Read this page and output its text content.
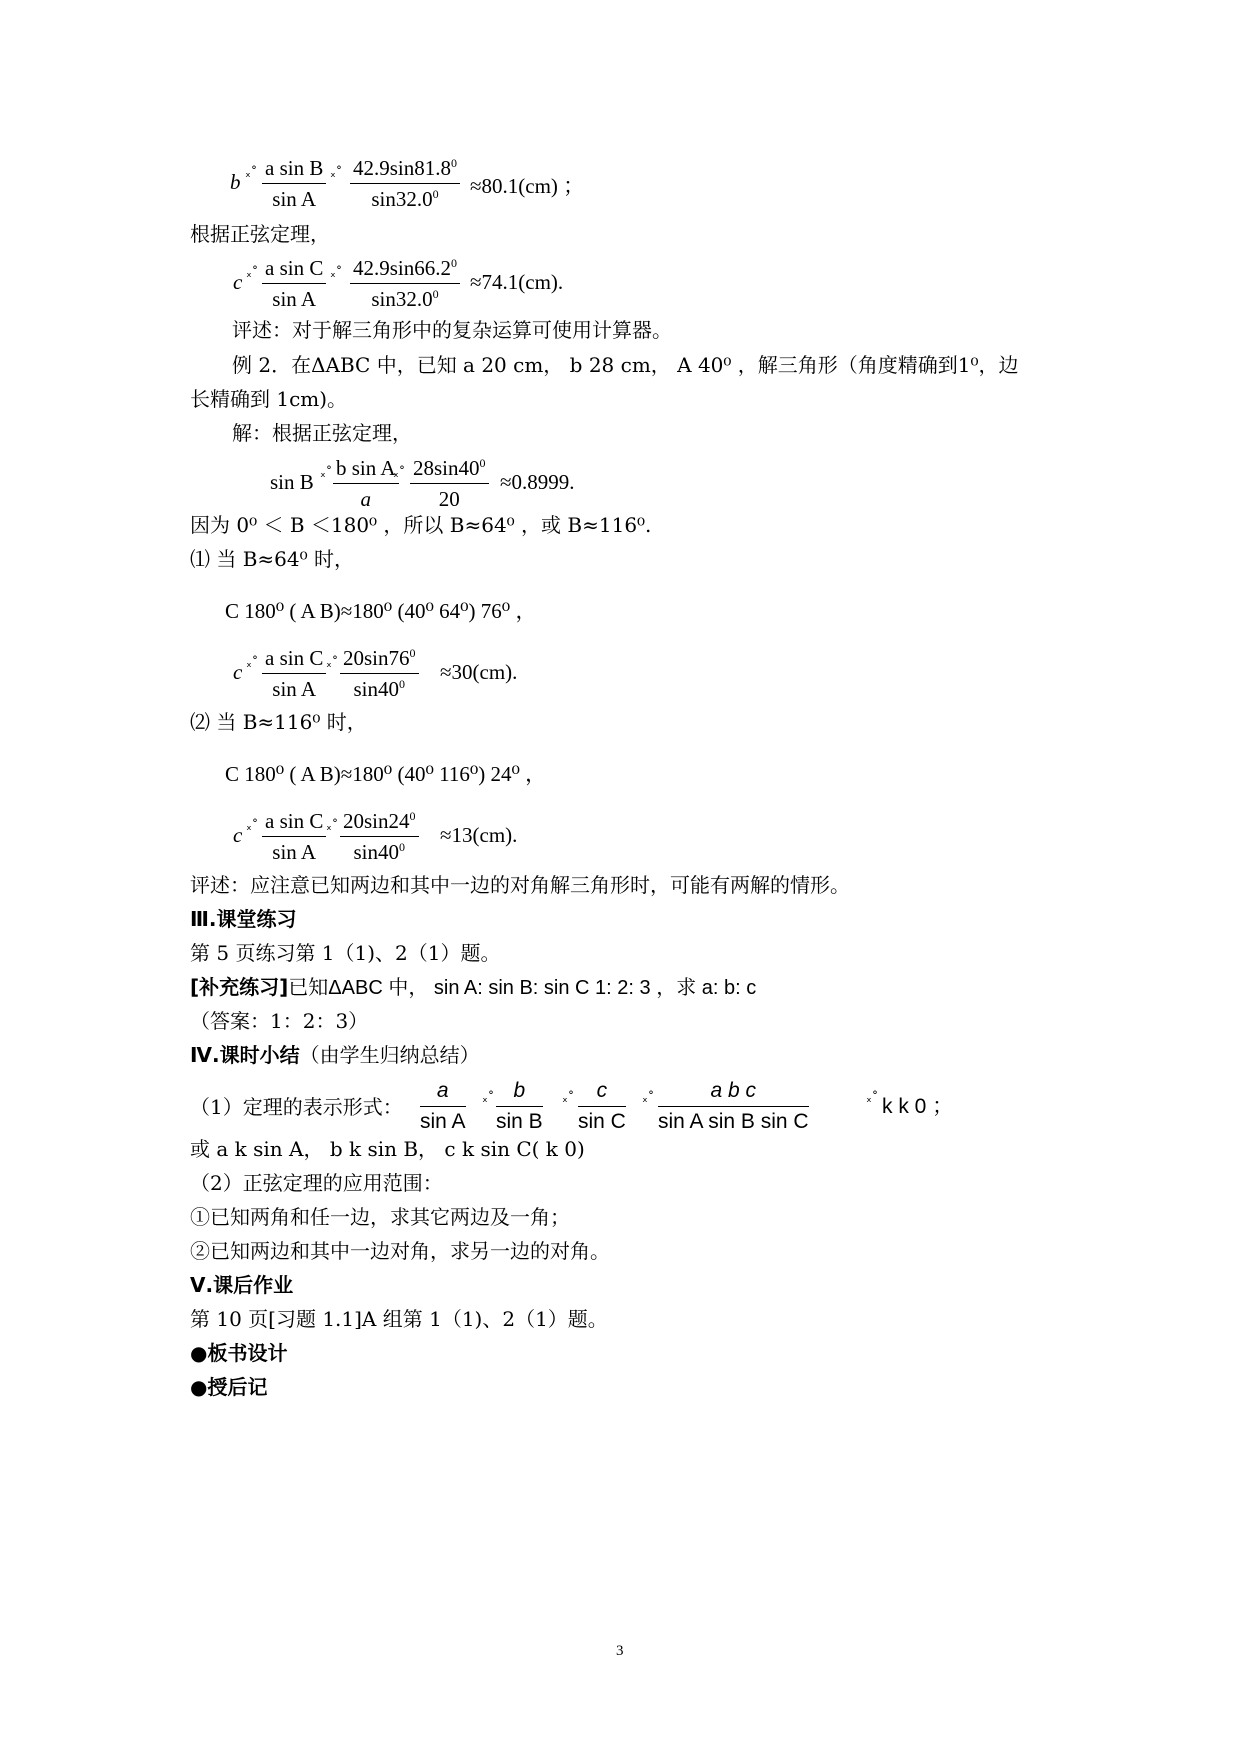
b ₓ˚ $\frac{\text{a sin B}}{\text{sin A}}$ ₓ˚ $\frac{42.9\sin 81.8^0}{\sin 32.0^0} \approx 80.1(cm)$ ；
根据正弦定理，
c ₓ˚ $\frac{\text{a sin C}}{\text{sin A}}$ ₓ˚ $\frac{42.9\sin 66.2^0}{\sin 32.0^0} \approx 74.1(cm)$.
评述：对于解三角形中的复杂运算可使用计算器。
例 2．在ΔABC 中，已知 a 20 cm， b 28 cm， A 40⁰ ，解三角形（角度精确到1⁰，边
长精确到 1cm)。
解：根据正弦定理，
sin B ₓ˚ $\frac{\text{b sin A}}{a}$
ₓ˚ $\frac{28\sin 40^0}{20} \approx 0.8999$.
因为 0⁰ ＜ B ＜180⁰ ，所以 B≈64⁰ ，或 B≈116⁰.
⑴ 当 B≈64⁰ 时，
C 180⁰ ( A B)≈180⁰ (40⁰ 64⁰) 76⁰ ，
c ₓ˚ $\frac{\text{a sin C}}{\text{sin A}}$ ₓ˚ $\frac{20\sin 76^0}{\sin 40^0} \approx 30(cm)$.
⑵ 当 B≈116⁰ 时，
C 180⁰ ( A B)≈180⁰ (40⁰ 116⁰) 24⁰ ，
c ₓ˚ $\frac{\text{a sin C}}{\text{sin A}}$ ₓ˚ $\frac{20\sin 24^0}{\sin 40^0} \approx 13(cm)$.
评述：应注意已知两边和其中一边的对角解三角形时，可能有两解的情形。
Ⅲ.课堂练习
第 5 页练习第 1（1)、2（1）题。
[补充练习]已知ΔABC 中， sin A: sin B: sin C 1: 2: 3 ，求 a: b: c
（答案：1：2：3）
Ⅳ.课时小结（由学生归纳总结）
（1）定理的表示形式： $\frac{a}{\text{sin A}}$ ₓ˚ $\frac{b}{\text{sin B}}$ ₓ˚ $\frac{c}{\text{sin C}}$ ₓ˚ $\frac{\text{a b c}}{\text{sin A sin B sin C}}$	ₓ˚ k k 0 ；
或 a k sin A， b k sin B， c k sin C( k 0)
（2）正弦定理的应用范围：
①已知两角和任一边，求其它两边及一角；
②已知两边和其中一边对角，求另一边的对角。
Ⅴ.课后作业
第 10 页[习题 1.1]A 组第 1（1)、2（1）题。
●板书设计
●授后记
3
